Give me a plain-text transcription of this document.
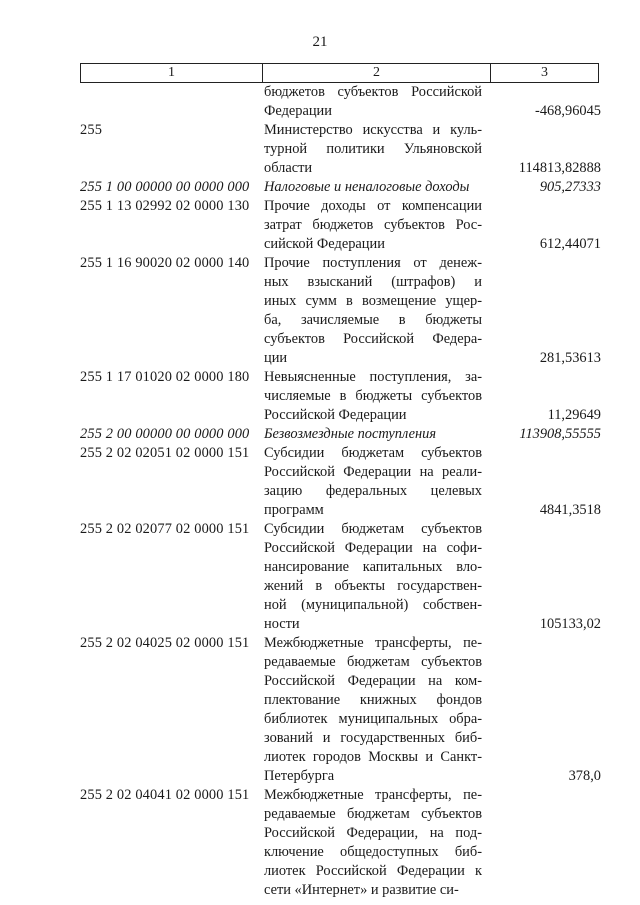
21
1	2	3
бюджетов субъектов Российской
Федерации	-468,96045
255	Министерство искусства и куль-
турной политики Ульяновской
области	114813,82888
255 1 00 00000 00 0000 000	Налоговые и неналоговые доходы	905,27333
255 1 13 02992 02 0000 130	Прочие доходы от компенсации
затрат бюджетов субъектов Рос-
сийской Федерации	612,44071
255 1 16 90020 02 0000 140	Прочие поступления от денеж-
ных взысканий (штрафов) и
иных сумм в возмещение ущер-
ба, зачисляемые в бюджеты
субъектов Российской Федера-
ции	281,53613
255 1 17 01020 02 0000 180	Невыясненные поступления, за-
числяемые в бюджеты субъектов
Российской Федерации	11,29649
255 2 00 00000 00 0000 000	Безвозмездные поступления	113908,55555
255 2 02 02051 02 0000 151	Субсидии бюджетам субъектов
Российской Федерации на реали-
зацию федеральных целевых
программ	4841,3518
255 2 02 02077 02 0000 151	Субсидии бюджетам субъектов
Российской Федерации на софи-
нансирование капитальных вло-
жений в объекты государствен-
ной (муниципальной) собствен-
ности	105133,02
255 2 02 04025 02 0000 151	Межбюджетные трансферты, пе-
редаваемые бюджетам субъектов
Российской Федерации на ком-
плектование книжных фондов
библиотек муниципальных обра-
зований и государственных биб-
лиотек городов Москвы и Санкт-
Петербурга	378,0
255 2 02 04041 02 0000 151	Межбюджетные трансферты, пе-
редаваемые бюджетам субъектов
Российской Федерации, на под-
ключение общедоступных биб-
лиотек Российской Федерации к
сети «Интернет» и развитие си-
